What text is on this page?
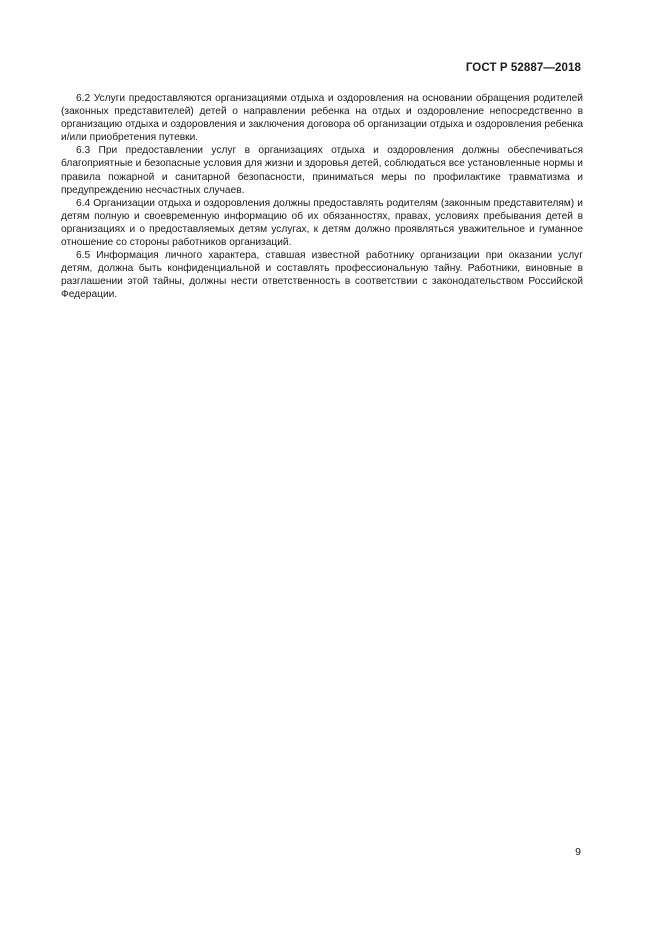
ГОСТ Р 52887—2018

6.2 Услуги предоставляются организациями отдыха и оздоровления на основании обращения родителей (законных представителей) детей о направлении ребенка на отдых и оздоровление непосредственно в организацию отдыха и оздоровления и заключения договора об организации отдыха и оздоровления ребенка и/или приобретения путевки.

6.3 При предоставлении услуг в организациях отдыха и оздоровления должны обеспечиваться благоприятные и безопасные условия для жизни и здоровья детей, соблюдаться все установленные нормы и правила пожарной и санитарной безопасности, приниматься меры по профилактике травматизма и предупреждению несчастных случаев.

6.4 Организации отдыха и оздоровления должны предоставлять родителям (законным представителям) и детям полную и своевременную информацию об их обязанностях, правах, условиях пребывания детей в организациях и о предоставляемых детям услугах, к детям должно проявляться уважительное и гуманное отношение со стороны работников организаций.

6.5 Информация личного характера, ставшая известной работнику организации при оказании услуг детям, должна быть конфиденциальной и составлять профессиональную тайну. Работники, виновные в разглашении этой тайны, должны нести ответственность в соответствии с законодательством Российской Федерации.

9
